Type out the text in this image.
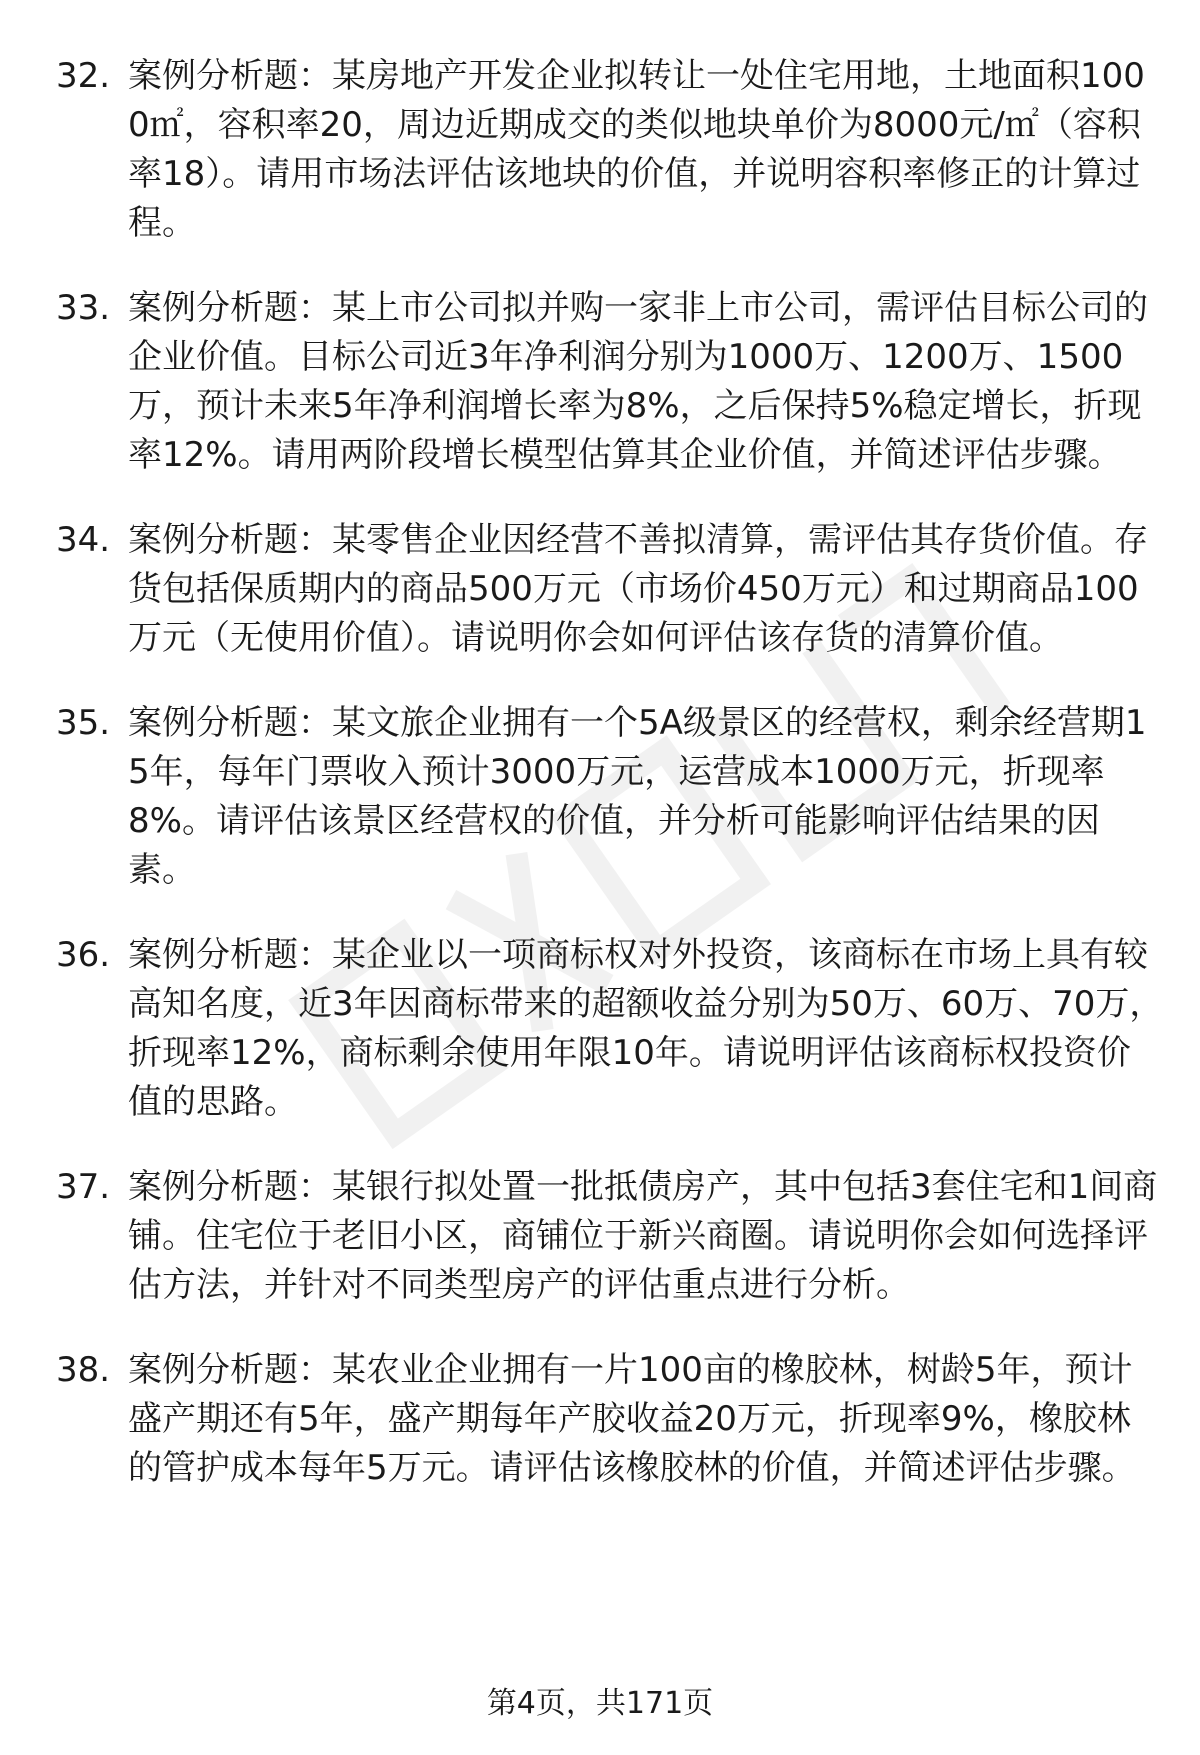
32. 案例分析题：某房地产开发企业拟转让一处住宅用地，土地面积1000㎡，容积率20，周边近期成交的类似地块单价为8000元/㎡（容积率18）。请用市场法评估该地块的价值，并说明容积率修正的计算过程。
33. 案例分析题：某上市公司拟并购一家非上市公司，需评估目标公司的企业价值。目标公司近3年净利润分别为1000万、1200万、1500万，预计未来5年净利润增长率为8%，之后保持5%稳定增长，折现率12%。请用两阶段增长模型估算其企业价值，并简述评估步骤。
34. 案例分析题：某零售企业因经营不善拟清算，需评估其存货价值。存货包括保质期内的商品500万元（市场价450万元）和过期商品100万元（无使用价值）。请说明你会如何评估该存货的清算价值。
35. 案例分析题：某文旅企业拥有一个5A级景区的经营权，剩余经营期15年，每年门票收入预计3000万元，运营成本1000万元，折现率8%。请评估该景区经营权的价值，并分析可能影响评估结果的因素。
36. 案例分析题：某企业以一项商标权对外投资，该商标在市场上具有较高知名度，近3年因商标带来的超额收益分别为50万、60万、70万，折现率12%，商标剩余使用年限10年。请说明评估该商标权投资价值的思路。
37. 案例分析题：某银行拟处置一批抵债房产，其中包括3套住宅和1间商铺。住宅位于老旧小区，商铺位于新兴商圈。请说明你会如何选择评估方法，并针对不同类型房产的评估重点进行分析。
38. 案例分析题：某农业企业拥有一片100亩的橡胶林，树龄5年，预计盛产期还有5年，盛产期每年产胶收益20万元，折现率9%，橡胶林的管护成本每年5万元。请评估该橡胶林的价值，并简述评估步骤。
第4页，共171页
